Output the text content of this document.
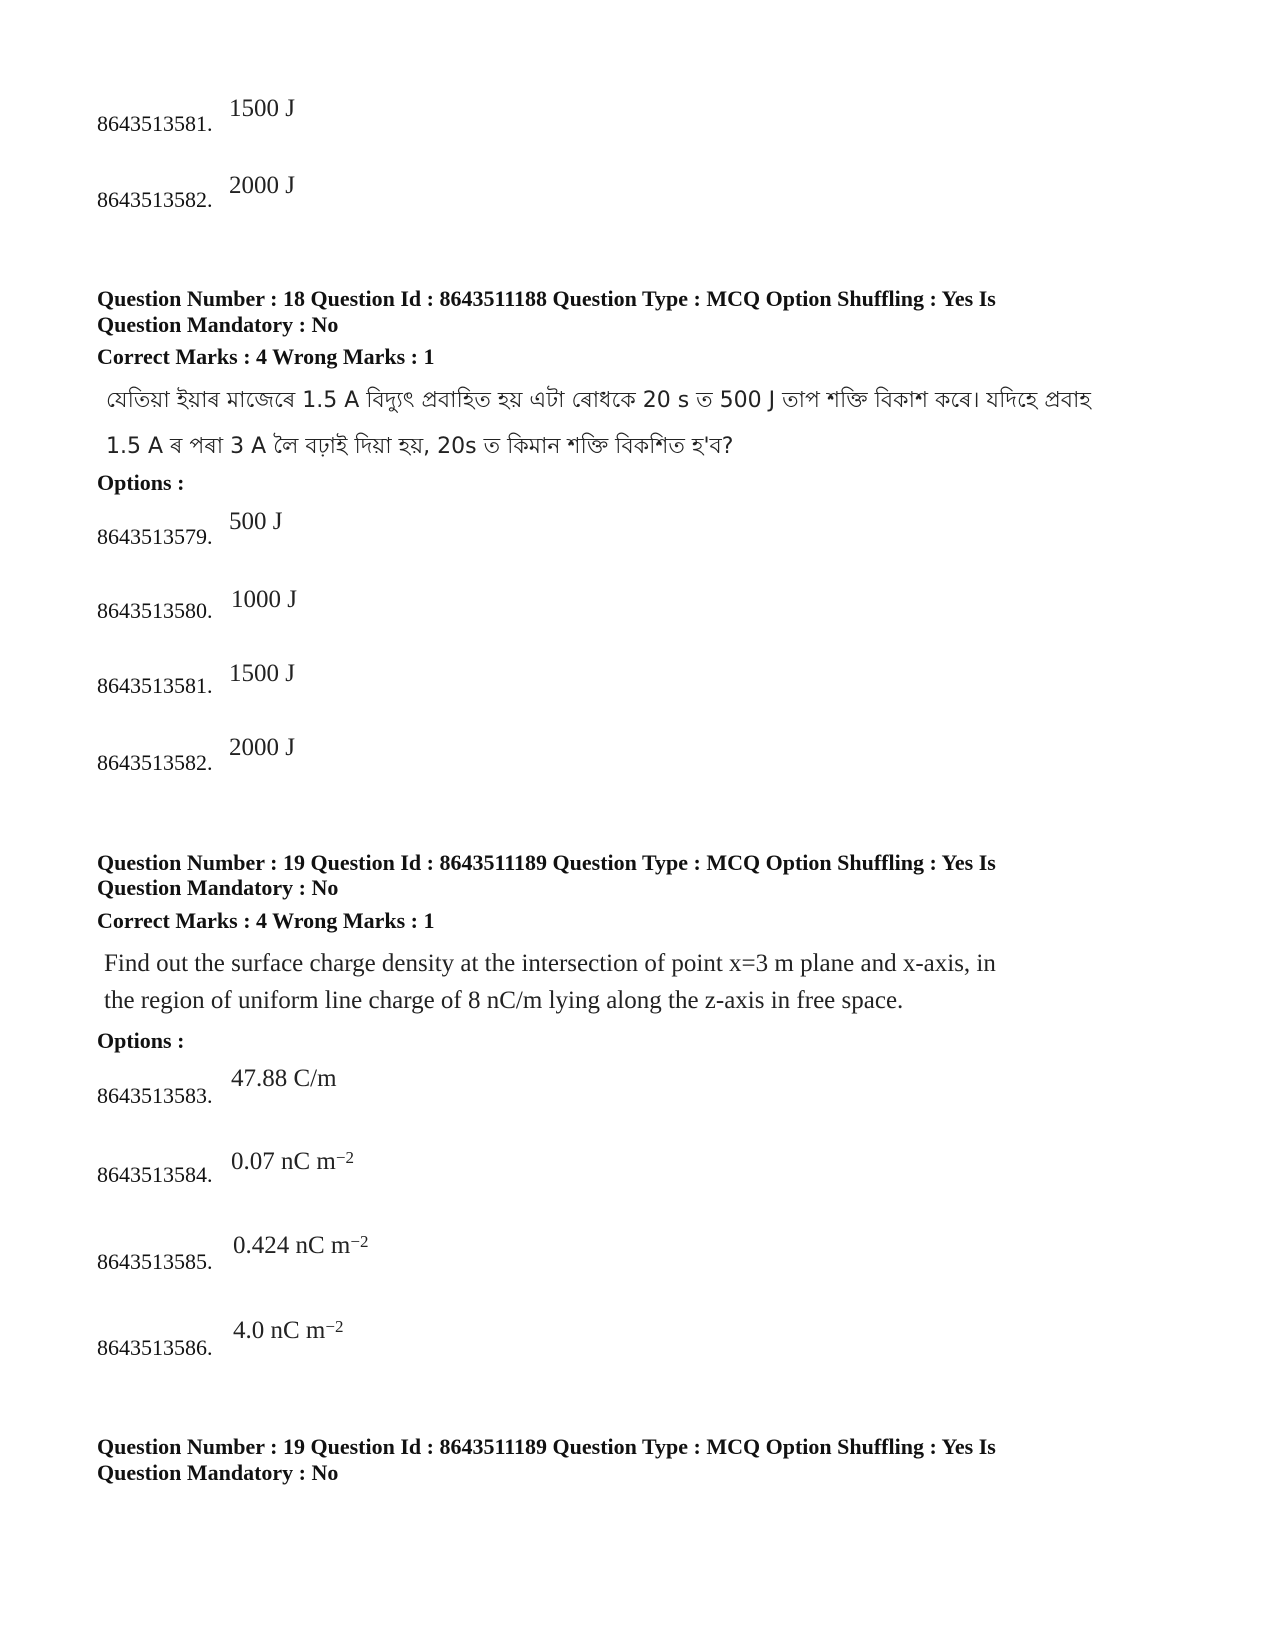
8643513581.
1500 J
8643513582.
2000 J
Question Number : 18 Question Id : 8643511188 Question Type : MCQ Option Shuffling : Yes Is
Question Mandatory : No
Correct Marks : 4 Wrong Marks : 1
যেতিয়া ইয়াৰ মাজেৰে 1.5 A বিদ্যুৎ প্ৰবাহিত হয় এটা ৰোধকে 20 s ত 500 J তাপ শক্তি বিকাশ কৰে। যদিহে প্ৰবাহ
1.5 A ৰ পৰা 3 A লৈ বঢ়াই দিয়া হয়, 20s ত কিমান শক্তি বিকশিত হ'ব?
Options :
8643513579.
500 J
8643513580. 1000 J
8643513581. 1500 J
8643513582.
2000 J
Question Number : 19 Question Id : 8643511189 Question Type : MCQ Option Shuffling : Yes Is
Question Mandatory : No
Correct Marks : 4 Wrong Marks : 1
Find out the surface charge density at the intersection of point x=3 m plane and x-axis, in
the region of uniform line charge of 8 nC/m lying along the z-axis in free space.
Options :
8643513583.
47.88 C/m
8643513584. 0.07 nC $m^{-2}$
8643513585.
0.424 nC $m^{-2}$
8643513586.
4.0 nC $m^{-2}$
Question Number : 19 Question Id : 8643511189 Question Type : MCQ Option Shuffling : Yes Is
Question Mandatory : No
